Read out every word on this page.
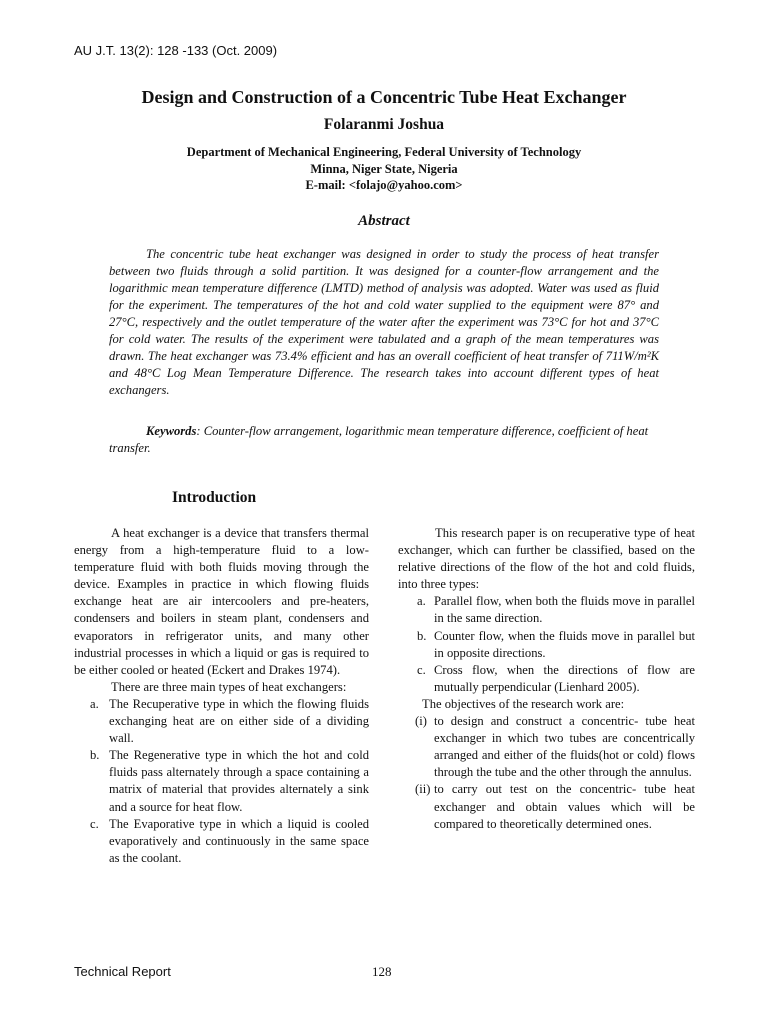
AU J.T. 13(2): 128 -133 (Oct. 2009)
Design and Construction of a Concentric Tube Heat Exchanger
Folaranmi Joshua
Department of Mechanical Engineering, Federal University of Technology
Minna, Niger State, Nigeria
E-mail: <folajo@yahoo.com>
Abstract

The concentric tube heat exchanger was designed in order to study the process of heat transfer between two fluids through a solid partition. It was designed for a counter-flow arrangement and the logarithmic mean temperature difference (LMTD) method of analysis was adopted. Water was used as fluid for the experiment. The temperatures of the hot and cold water supplied to the equipment were 87° and 27°C, respectively and the outlet temperature of the water after the experiment was 73°C for hot and 37°C for cold water. The results of the experiment were tabulated and a graph of the mean temperatures was drawn. The heat exchanger was 73.4% efficient and has an overall coefficient of heat transfer of 711W/m²K and 48°C Log Mean Temperature Difference. The research takes into account different types of heat exchangers.

Keywords: Counter-flow arrangement, logarithmic mean temperature difference, coefficient of heat transfer.

Introduction

A heat exchanger is a device that transfers thermal energy from a high-temperature fluid to a low-temperature fluid with both fluids moving through the device. Examples in practice in which flowing fluids exchange heat are air intercoolers and pre-heaters, condensers and boilers in steam plant, condensers and evaporators in refrigerator units, and many other industrial processes in which a liquid or gas is required to be either cooled or heated (Eckert and Drakes 1974).

There are three main types of heat exchangers:

a. The Recuperative type in which the flowing fluids exchanging heat are on either side of a dividing wall.
b. The Regenerative type in which the hot and cold fluids pass alternately through a space containing a matrix of material that provides alternately a sink and a source for heat flow.
c. The Evaporative type in which a liquid is cooled evaporatively and continuously in the same space as the coolant.

This research paper is on recuperative type of heat exchanger, which can further be classified, based on the relative directions of the flow of the hot and cold fluids, into three types:

a. Parallel flow, when both the fluids move in parallel in the same direction.
b. Counter flow, when the fluids move in parallel but in opposite directions.
c. Cross flow, when the directions of flow are mutually perpendicular (Lienhard 2005).

The objectives of the research work are:

(i) to design and construct a concentric- tube heat exchanger in which two tubes are concentrically arranged and either of the fluids(hot or cold) flows through the tube and the other through the annulus.
(ii) to carry out test on the concentric- tube heat exchanger and obtain values which will be compared to theoretically determined ones.
Technical Report	128
